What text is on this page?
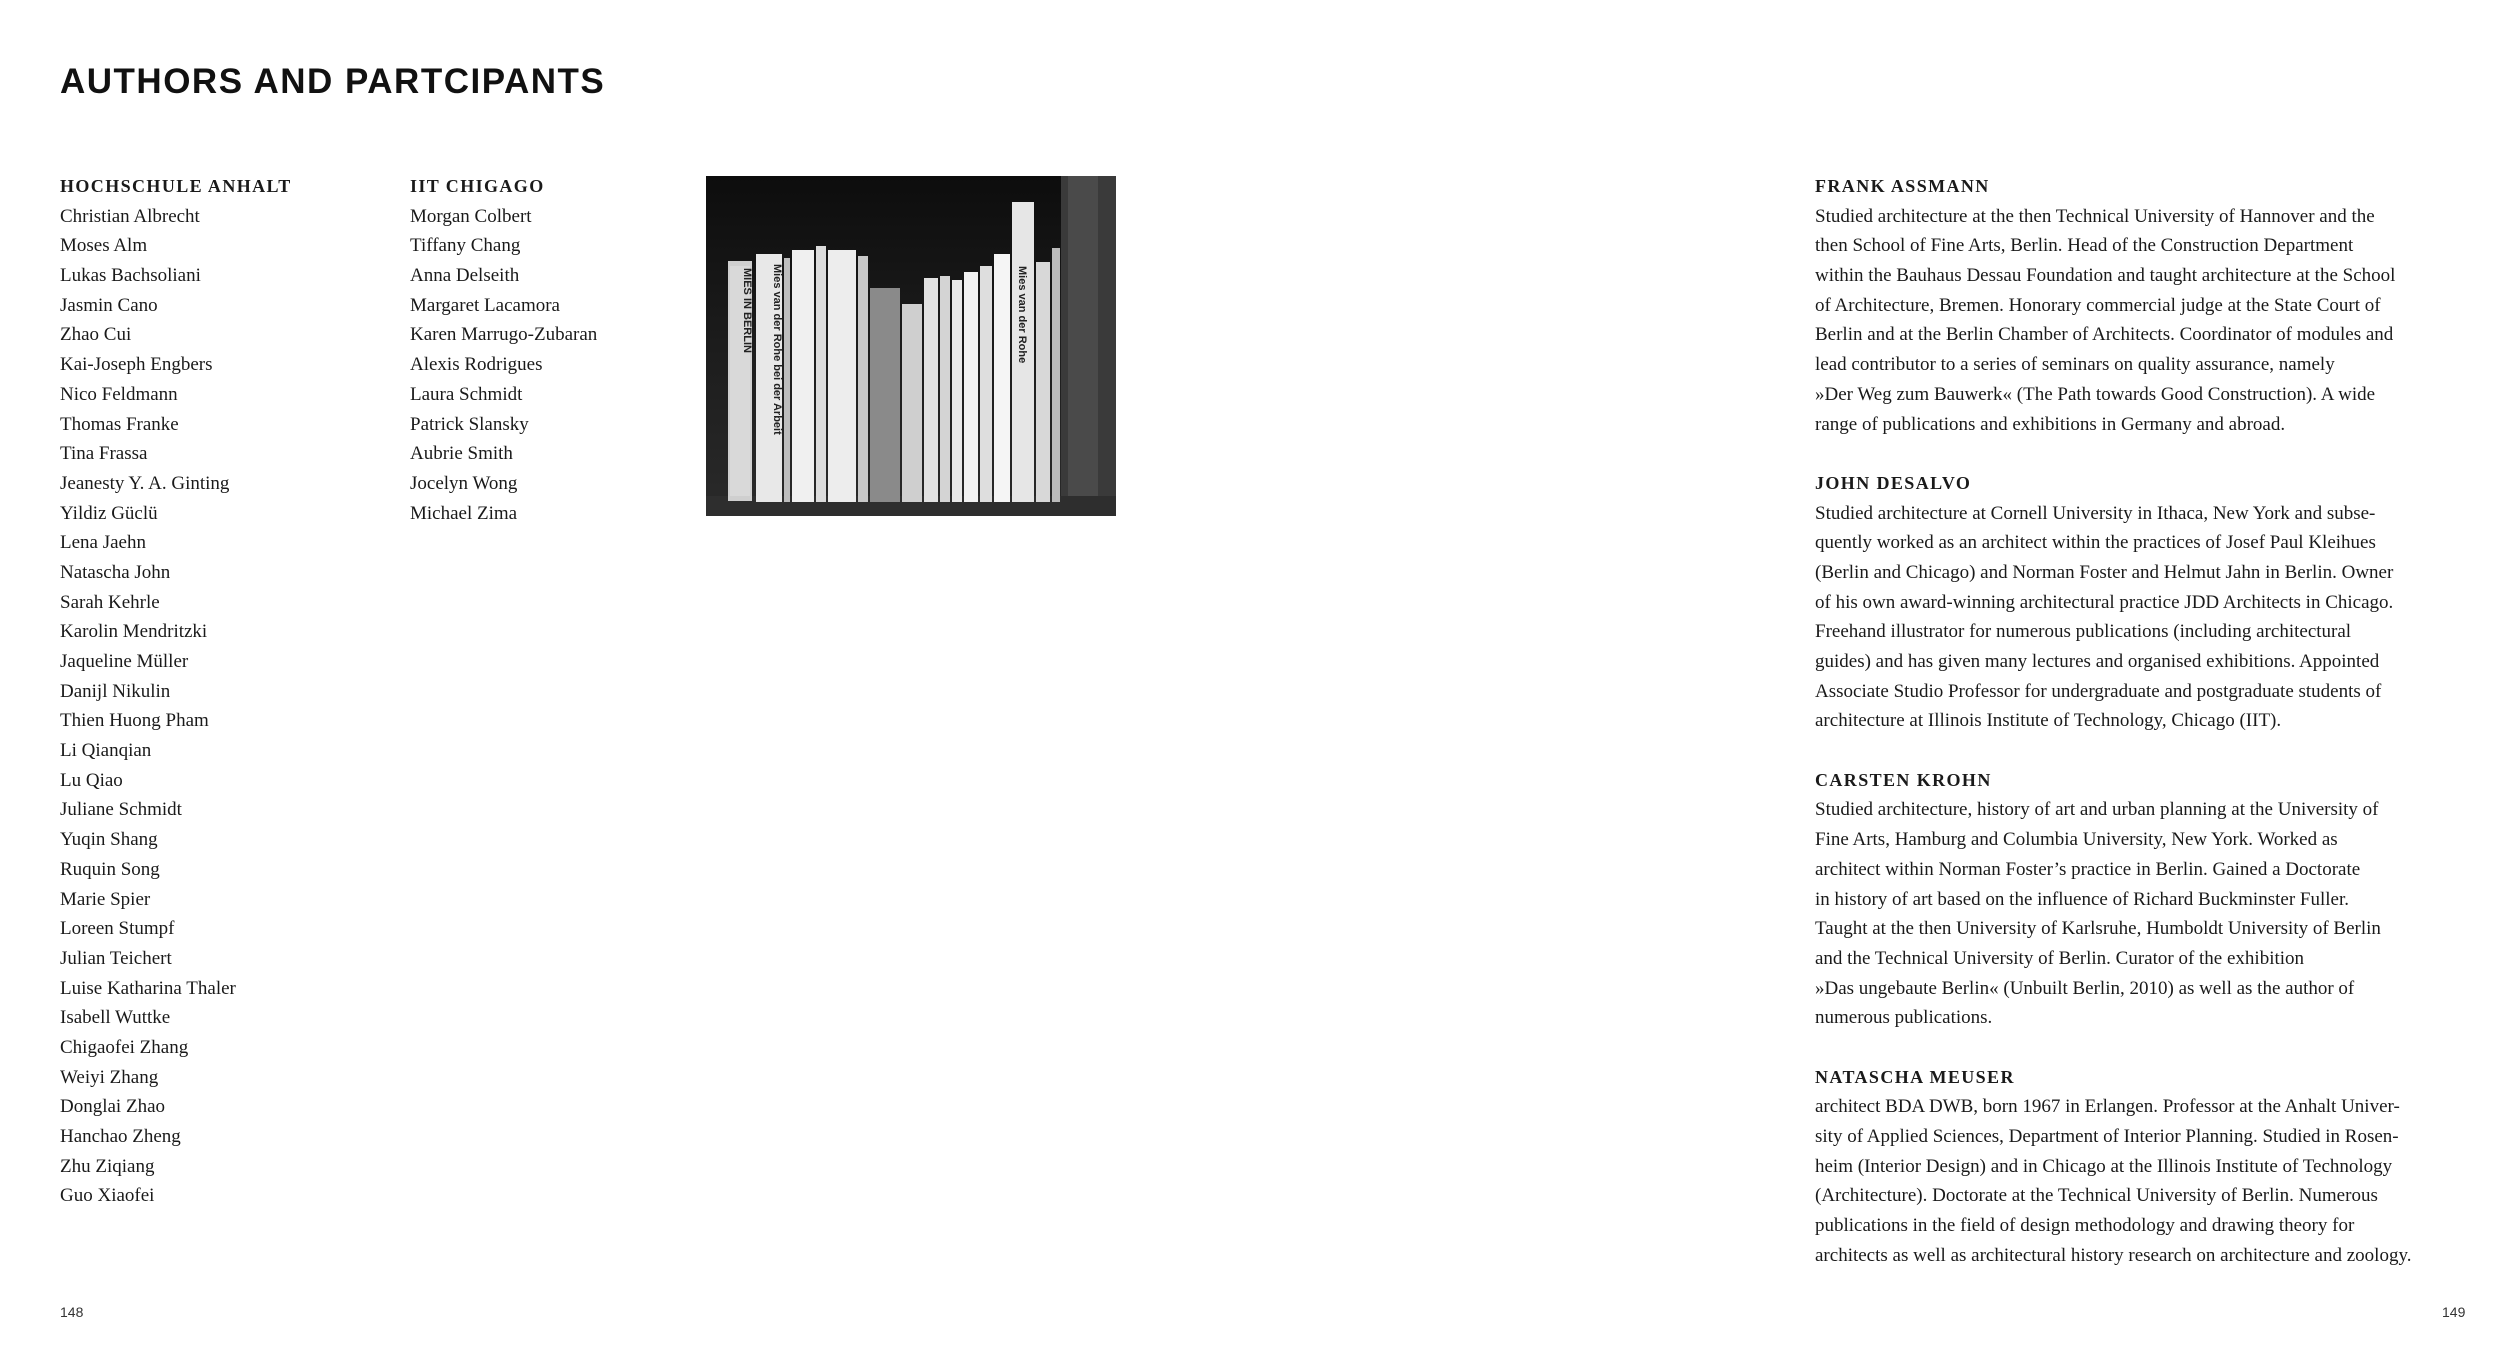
AUTHORS AND PARTCIPANTS
HOCHSCHULE ANHALT
Christian Albrecht
Moses Alm
Lukas Bachsoliani
Jasmin Cano
Zhao Cui
Kai-Joseph Engbers
Nico Feldmann
Thomas Franke
Tina Frassa
Jeanesty Y. A. Ginting
Yildiz Güclü
Lena Jaehn
Natascha John
Sarah Kehrle
Karolin Mendritzki
Jaqueline Müller
Danijl Nikulin
Thien Huong Pham
Li Qianqian
Lu Qiao
Juliane Schmidt
Yuqin Shang
Ruquin Song
Marie Spier
Loreen Stumpf
Julian Teichert
Luise Katharina Thaler
Isabell Wuttke
Chigaofei Zhang
Weiyi Zhang
Donglai Zhao
Hanchao Zheng
Zhu Ziqiang
Guo Xiaofei
IIT CHIGAGO
Morgan Colbert
Tiffany Chang
Anna Delseith
Margaret Lacamora
Karen Marrugo-Zubaran
Alexis Rodrigues
Laura Schmidt
Patrick Slansky
Aubrie Smith
Jocelyn Wong
Michael Zima
MIES IN BERLIN Mies van der Rohe bei der Arbeit	Mies van der Rohe
FRANK ASSMANN
Studied architecture at the then Technical University of Hannover and the
then School of Fine Arts, Berlin. Head of the Construction Department
within the Bauhaus Dessau Foundation and taught architecture at the School
of Architecture, Bremen. Honorary commercial judge at the State Court of
Berlin and at the Berlin Chamber of Architects. Coordinator of modules and
lead contributor to a series of seminars on quality assurance, namely
»Der Weg zum Bauwerk« (The Path towards Good Construction). A wide
range of publications and exhibitions in Germany and abroad.
JOHN DESALVO
Studied architecture at Cornell University in Ithaca, New York and subse-
quently worked as an architect within the practices of Josef Paul Kleihues
(Berlin and Chicago) and Norman Foster and Helmut Jahn in Berlin. Owner
of his own award-winning architectural practice JDD Architects in Chicago.
Freehand illustrator for numerous publications (including architectural
guides) and has given many lectures and organised exhibitions. Appointed
Associate Studio Professor for undergraduate and postgraduate students of
architecture at Illinois Institute of Technology, Chicago (IIT).
CARSTEN KROHN
Studied architecture, history of art and urban planning at the University of
Fine Arts, Hamburg and Columbia University, New York. Worked as
architect within Norman Foster’s practice in Berlin. Gained a Doctorate
in history of art based on the influence of Richard Buckminster Fuller.
Taught at the then University of Karlsruhe, Humboldt University of Berlin
and the Technical University of Berlin. Curator of the exhibition
»Das ungebaute Berlin« (Unbuilt Berlin, 2010) as well as the author of
numerous publications.
NATASCHA MEUSER
architect BDA DWB, born 1967 in Erlangen. Professor at the Anhalt Univer-
sity of Applied Sciences, Department of Interior Planning. Studied in Rosen-
heim (Interior Design) and in Chicago at the Illinois Institute of Technology
(Architecture). Doctorate at the Technical University of Berlin. Numerous
publications in the field of design methodology and drawing theory for
architects as well as architectural history research on architecture and zoology.
148	149
